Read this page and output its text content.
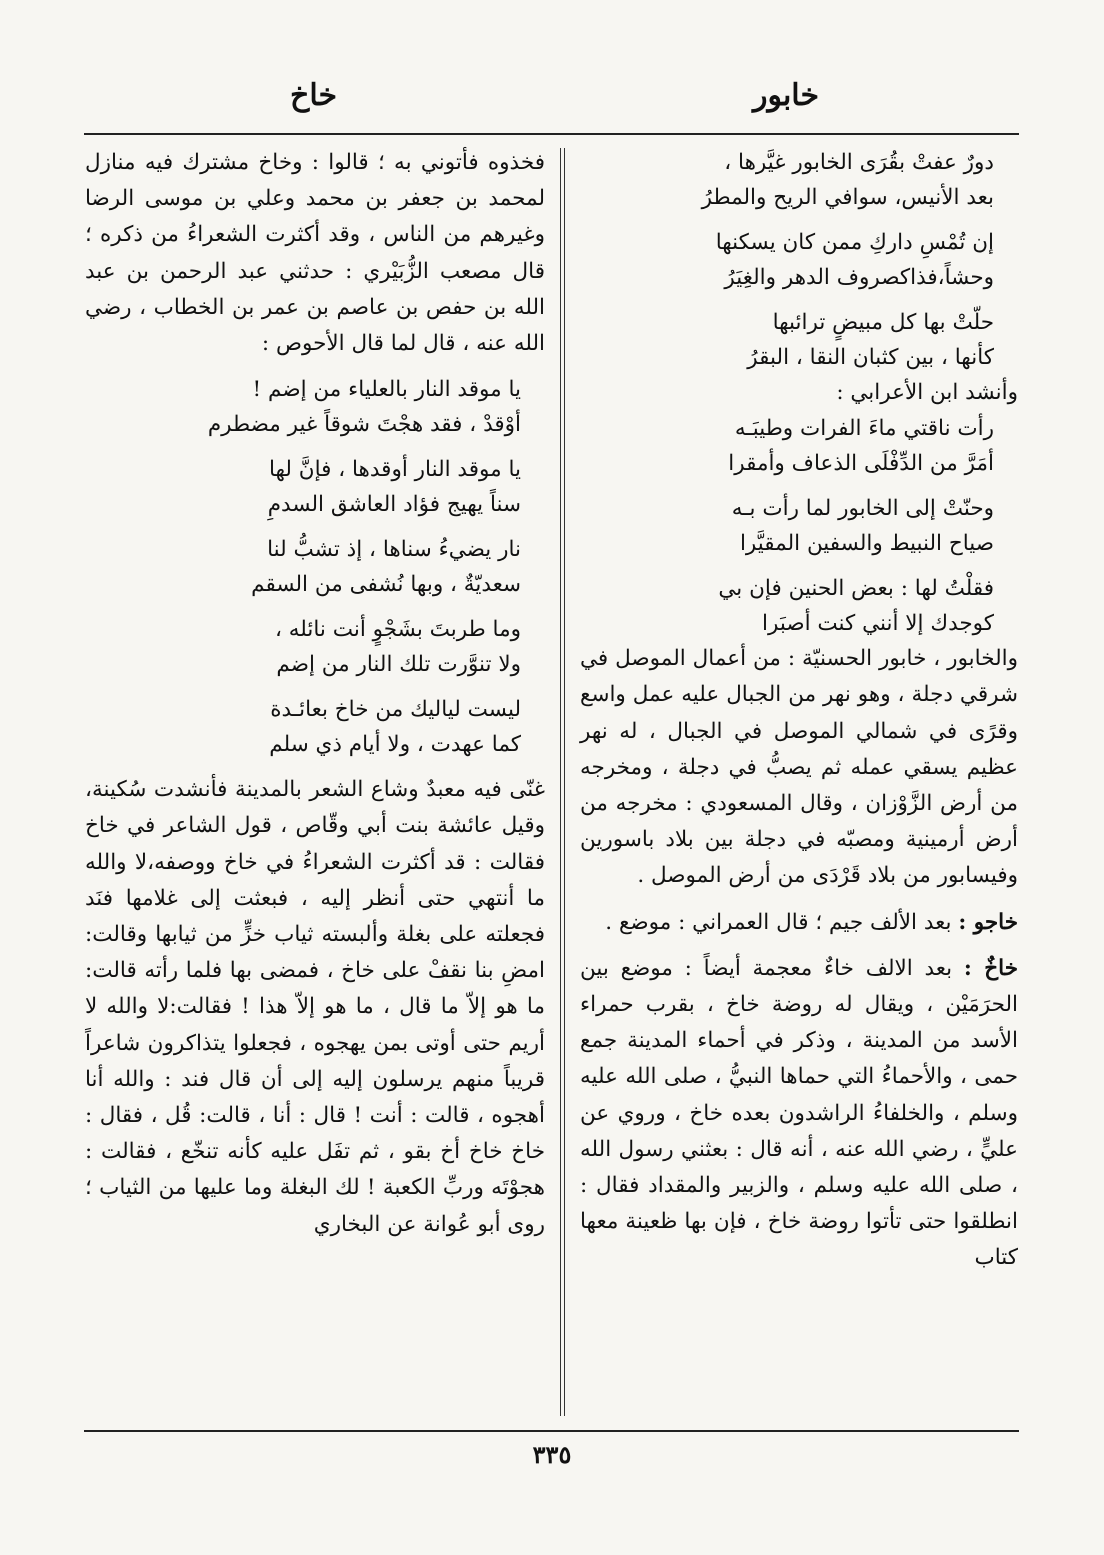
خابور
خاخ
دورٌ عفتْ بقُرَى الخابور غيَّرها ،
بعد الأنيس، سوافي الريح والمطرُ
إن تُمْسِ داركِ ممن كان يسكنها
وحشاً،فذاكصروف الدهر والغِيَرُ
حلّتْ بها كل مبيضٍ ترائبها
كأنها ، بين كثبان النقا ، البقرُ

وأنشد ابن الأعرابي :

رأت ناقتي ماءَ الفرات وطيبَـه
أمَرَّ من الدِّفْلَى الذعاف وأمقرا
وحنّتْ إلى الخابور لما رأت بـه
صياح النبيط والسفين المقيَّرا
فقلْتُ لها : بعض الحنين فإن بي
كوجدك إلا أنني كنت أصبَرا

والخابور ، خابور الحسنيّة : من أعمال الموصل في شرقي دجلة ، وهو نهر من الجبال عليه عمل واسع وقرًى في شمالي الموصل في الجبال ، له نهر عظيم يسقي عمله ثم يصبُّ في دجلة ، ومخرجه من أرض الزَّوْزان ، وقال المسعودي : مخرجه من أرض أرمينية ومصبّه في دجلة بين بلاد باسورين وفيسابور من بلاد قَرْدَى من أرض الموصل .

خاجو : بعد الألف جيم ؛ قال العمراني : موضع .

خاخٌ : بعد الالف خاءٌ معجمة أيضاً : موضع بين الحرَمَيْن ، ويقال له روضة خاخ ، بقرب حمراء الأسد من المدينة ، وذكر في أحماء المدينة جمع حمى ، والأحماءُ التي حماها النبيُّ ، صلى الله عليه وسلم ، والخلفاءُ الراشدون بعده خاخ ، وروي عن عليٍّ ، رضي الله عنه ، أنه قال : بعثني رسول الله ، صلى الله عليه وسلم ، والزبير والمقداد فقال : انطلقوا حتى تأتوا روضة خاخ ، فإن بها ظعينة معها كتاب

فخذوه فأتوني به ؛ قالوا : وخاخ مشترك فيه منازل لمحمد بن جعفر بن محمد وعلي بن موسى الرضا وغيرهم من الناس ، وقد أكثرت الشعراءُ من ذكره ؛ قال مصعب الزُّبَيْري : حدثني عبد الرحمن بن عبد الله بن حفص بن عاصم بن عمر بن الخطاب ، رضي الله عنه ، قال لما قال الأحوص :

يا موقد النار بالعلياء من إضم !
أوْقدْ ، فقد هجْتَ شوقاً غير مضطرم
يا موقد النار أوقدها ، فإنَّ لها
سناً يهيج فؤاد العاشق السدمِ
نار يضيءُ سناها ، إذ تشبُّ لنا
سعديّةٌ ، وبها نُشفى من السقم
وما طربتَ بشَجْوٍ أنت نائله ،
ولا تنوَّرت تلك النار من إضم
ليست لياليك من خاخ بعائـدة
كما عهدت ، ولا أيام ذي سلم

غنّى فيه معبدٌ وشاع الشعر بالمدينة فأنشدت سُكينة، وقيل عائشة بنت أبي وقّاص ، قول الشاعر في خاخ فقالت : قد أكثرت الشعراءُ في خاخ ووصفه،لا والله ما أنتهي حتى أنظر إليه ، فبعثت إلى غلامها فنَد فجعلته على بغلة وألبسته ثياب خزٍّ من ثيابها وقالت: امضِ بنا نقفْ على خاخ ، فمضى بها فلما رأته قالت: ما هو إلاّ ما قال ، ما هو إلاّ هذا ! فقالت:لا والله لا أريم حتى أوتى بمن يهجوه ، فجعلوا يتذاكرون شاعراً قريباً منهم يرسلون إليه إلى أن قال فند : والله أنا أهجوه ، قالت : أنت ! قال : أنا ، قالت: قُل ، فقال : خاخ خاخ أخ بقو ، ثم تفَل عليه كأنه تنخّع ، فقالت : هجوْتَه وربِّ الكعبة ! لك البغلة وما عليها من الثياب ؛ روى أبو عُوانة عن البخاري

٣٣٥
